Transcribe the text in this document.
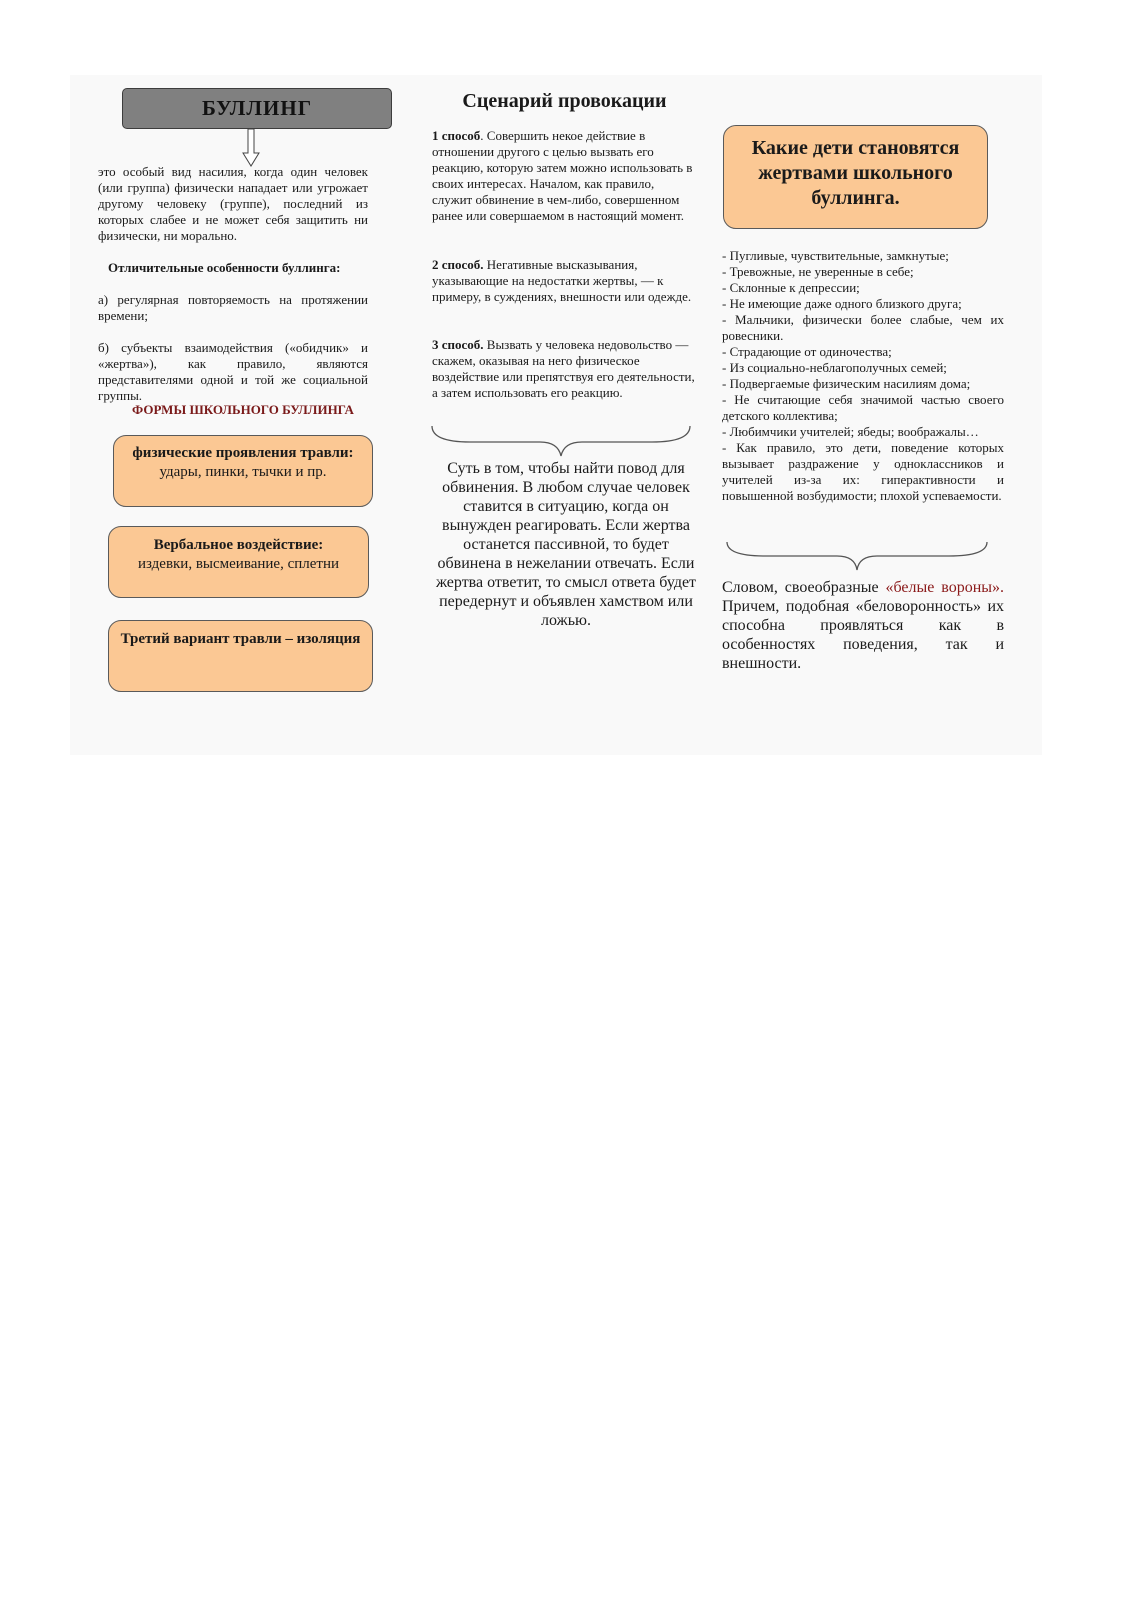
БУЛЛИНГ
это особый вид насилия, когда один человек (или группа) физически нападает или угрожает другому человеку (группе), последний из которых слабее и не может себя защитить ни физически, ни морально.
Отличительные особенности буллинга:
а) регулярная повторяемость на протяжении времени;
б) субъекты взаимодействия («обидчик» и «жертва»), как правило, являются представителями одной и той же социальной группы.
ФОРМЫ ШКОЛЬНОГО БУЛЛИНГА
физические проявления травли:
удары, пинки, тычки и пр.
Вербальное воздействие:
издевки, высмеивание, сплетни
Третий вариант травли – изоляция
Сценарий провокации
1 способ. Совершить некое действие в отношении другого с целью вызвать его реакцию, которую затем можно использовать в своих интересах. Началом, как правило, служит обвинение в чем-либо, совершенном ранее или совершаемом в настоящий момент.
2 способ. Негативные высказывания, указывающие на недостатки жертвы, — к примеру, в суждениях, внешности или одежде.
3 способ. Вызвать у человека недовольство — скажем, оказывая на него физическое воздействие или препятствуя его деятельности, а затем использовать его реакцию.
Суть в том, чтобы найти повод для обвинения. В любом случае человек ставится в ситуацию, когда он вынужден реагировать. Если жертва останется пассивной, то будет обвинена в нежелании отвечать. Если жертва ответит, то смысл ответа будет передернут и объявлен хамством или ложью.
Какие дети становятся жертвами школьного буллинга.
- Пугливые, чувствительные, замкнутые;
- Тревожные, не уверенные в себе;
- Склонные к депрессии;
- Не имеющие даже одного близкого друга;
- Мальчики, физически более слабые, чем их ровесники.
- Страдающие от одиночества;
- Из социально-неблагополучных семей;
- Подвергаемые физическим насилиям дома;
- Не считающие себя значимой частью своего детского коллектива;
- Любимчики учителей; ябеды; воображалы…
- Как правило, это дети, поведение которых вызывает раздражение у одноклассников и учителей из-за их: гиперактивности и повышенной возбудимости; плохой успеваемости.
Словом, своеобразные «белые вороны». Причем, подобная «беловоронность» их способна проявляться как в особенностях поведения, так и внешности.
